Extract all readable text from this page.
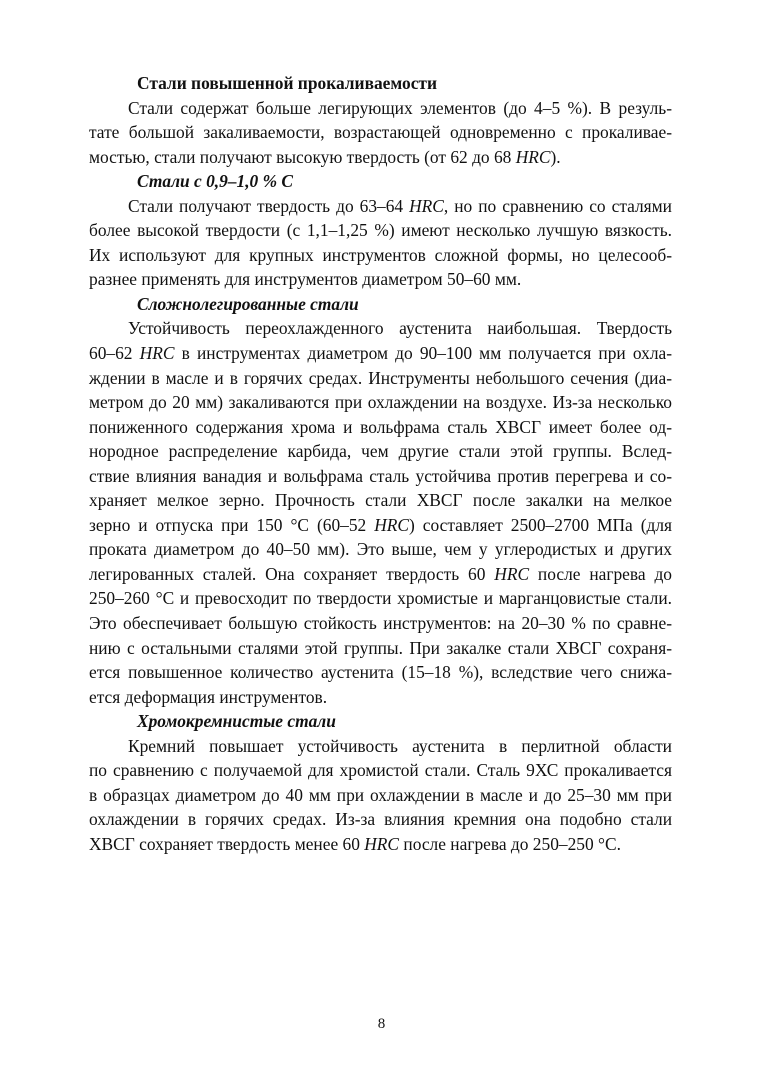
Стали повышенной прокаливаемости
Стали содержат больше легирующих элементов (до 4–5 %). В резуль-
тате большой закаливаемости, возрастающей одновременно с прокаливае-
мостью, стали получают высокую твердость (от 62 до 68 HRC).
Стали с 0,9–1,0 % С
Стали получают твердость до 63–64 HRC, но по сравнению со сталями
более высокой твердости (с 1,1–1,25 %) имеют несколько лучшую вязкость.
Их используют для крупных инструментов сложной формы, но целесооб-
разнее применять для инструментов диаметром 50–60 мм.
Сложнолегированные стали
Устойчивость переохлажденного аустенита наибольшая. Твердость
60–62 HRC в инструментах диаметром до 90–100 мм получается при охла-
ждении в масле и в горячих средах. Инструменты небольшого сечения (диа-
метром до 20 мм) закаливаются при охлаждении на воздухе. Из-за несколько
пониженного содержания хрома и вольфрама сталь ХВСГ имеет более од-
нородное распределение карбида, чем другие стали этой группы. Вслед-
ствие влияния ванадия и вольфрама сталь устойчива против перегрева и со-
храняет мелкое зерно. Прочность стали ХВСГ после закалки на мелкое
зерно и отпуска при 150 °С (60–52 HRC) составляет 2500–2700 МПа (для
проката диаметром до 40–50 мм). Это выше, чем у углеродистых и других
легированных сталей. Она сохраняет твердость 60 HRC после нагрева до
250–260 °С и превосходит по твердости хромистые и марганцовистые стали.
Это обеспечивает большую стойкость инструментов: на 20–30 % по сравне-
нию с остальными сталями этой группы. При закалке стали ХВСГ сохраня-
ется повышенное количество аустенита (15–18 %), вследствие чего снижа-
ется деформация инструментов.
Хромокремнистые стали
Кремний повышает устойчивость аустенита в перлитной области
по сравнению с получаемой для хромистой стали. Сталь 9ХС прокаливается
в образцах диаметром до 40 мм при охлаждении в масле и до 25–30 мм при
охлаждении в горячих средах. Из-за влияния кремния она подобно стали
ХВСГ сохраняет твердость менее 60 HRC после нагрева до 250–250 °С.
8
